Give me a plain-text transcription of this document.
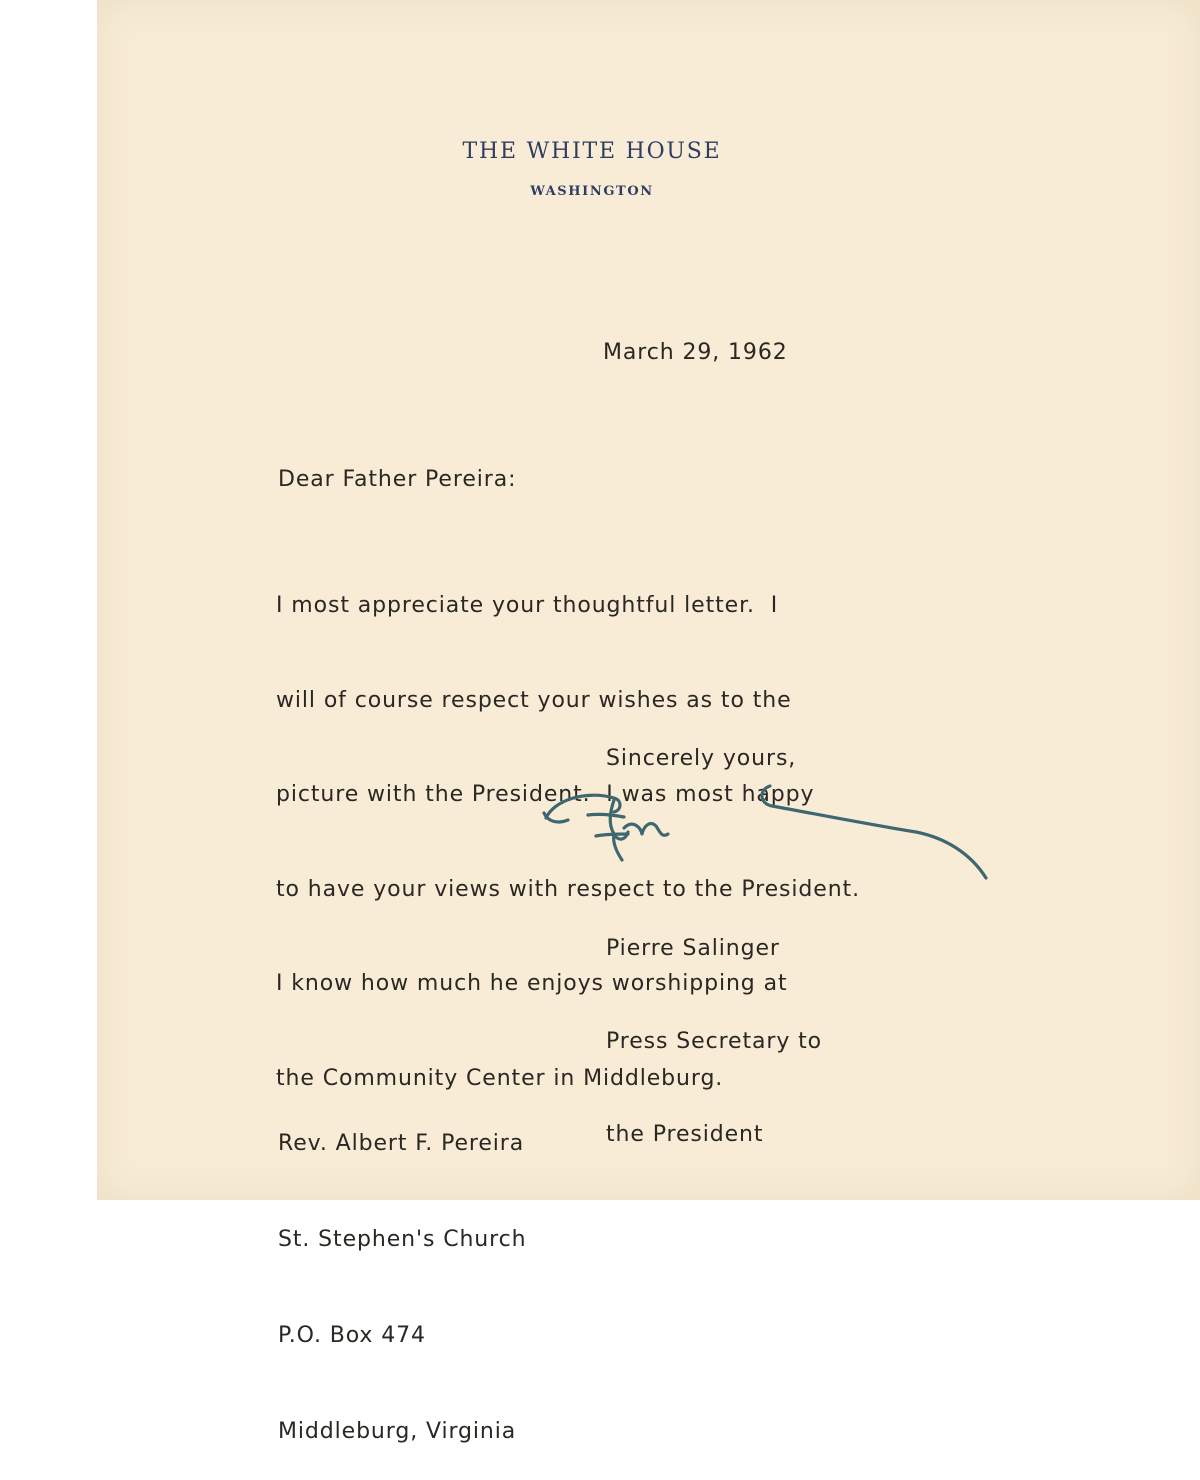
THE WHITE HOUSE
WASHINGTON
March 29, 1962
Dear Father Pereira:

I most appreciate your thoughtful letter.  I

will of course respect your wishes as to the

picture with the President.  I was most happy

to have your views with respect to the President.

I know how much he enjoys worshipping at

the Community Center in Middleburg.

Sincerely yours,
Pierre Salinger

Pierre Salinger

Press Secretary to

the President

Rev. Albert F. Pereira

St. Stephen's Church

P.O. Box 474

Middleburg, Virginia
